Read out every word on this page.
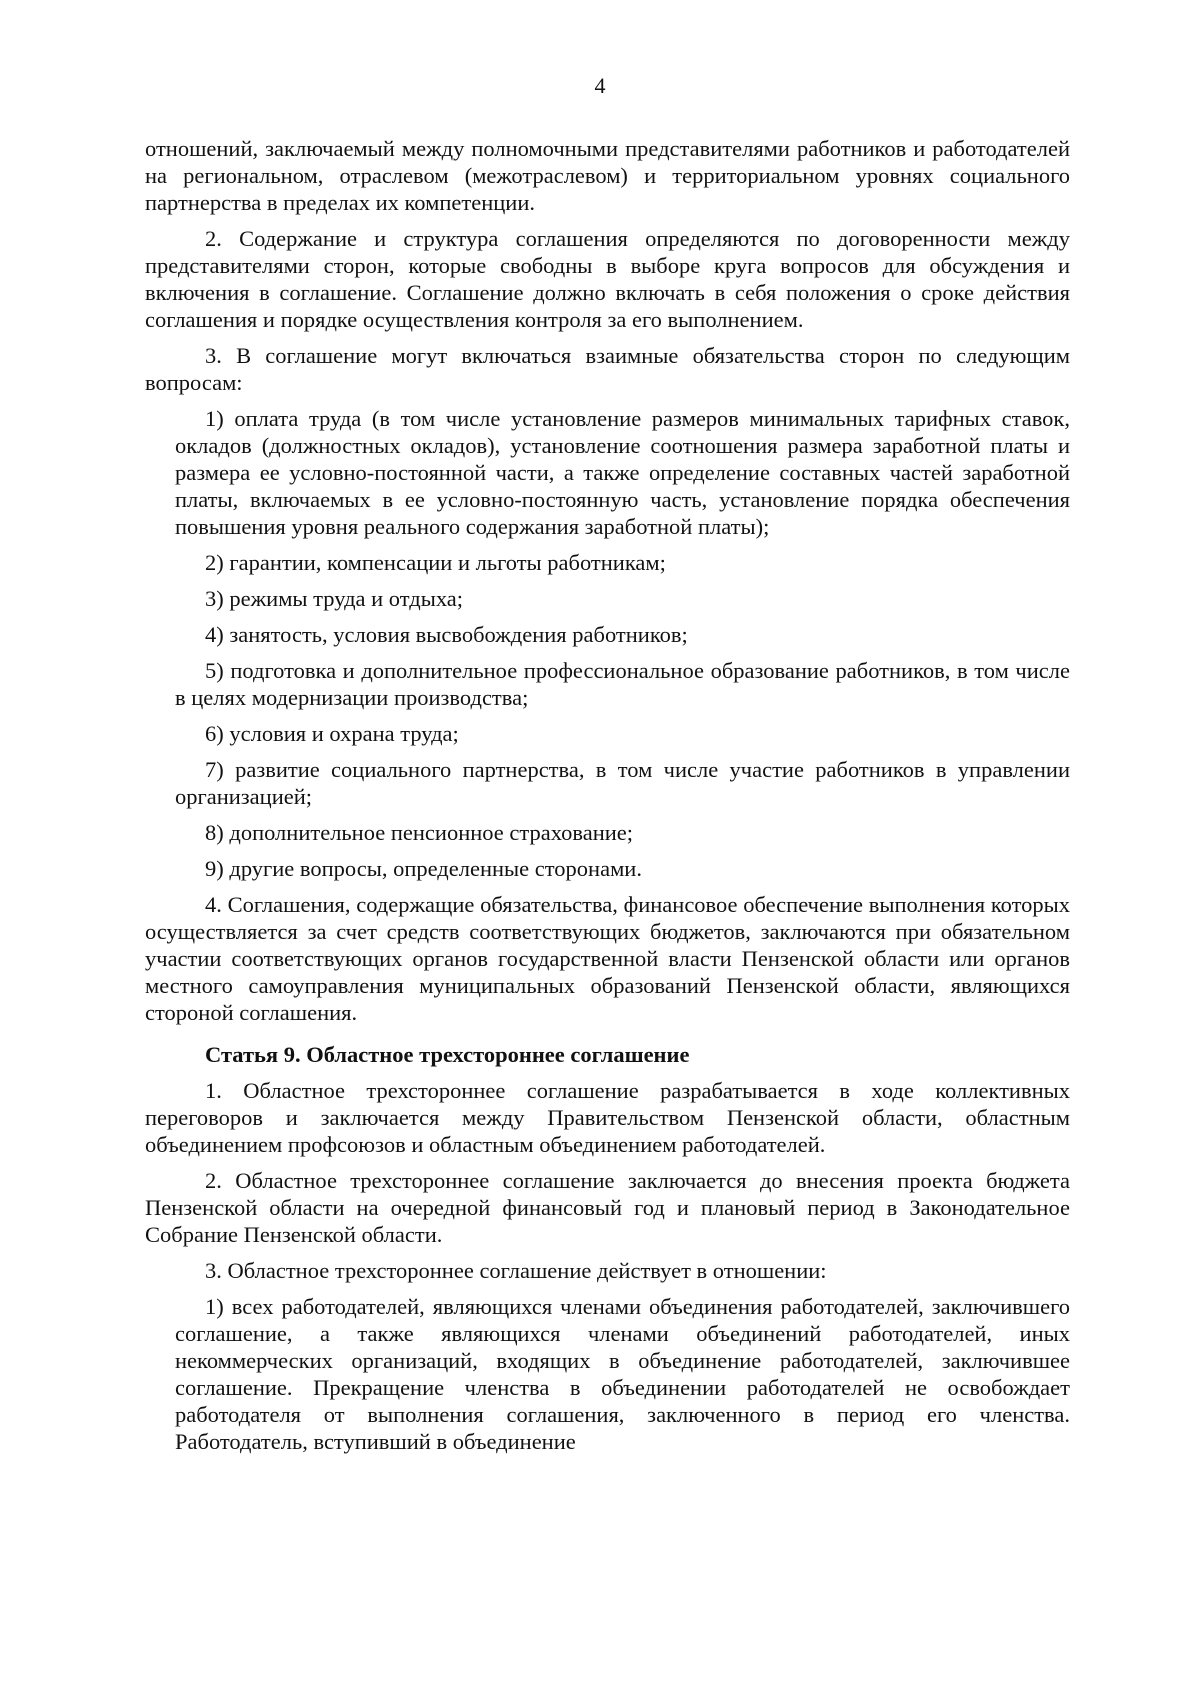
4

отношений, заключаемый между полномочными представителями работников и работодателей на региональном, отраслевом (межотраслевом) и территориальном уровнях социального партнерства в пределах их компетенции.

2. Содержание и структура соглашения определяются по договоренности между представителями сторон, которые свободны в выборе круга вопросов для обсуждения и включения в соглашение. Соглашение должно включать в себя положения о сроке действия соглашения и порядке осуществления контроля за его выполнением.

3. В соглашение могут включаться взаимные обязательства сторон по следующим вопросам:

1) оплата труда (в том числе установление размеров минимальных тарифных ставок, окладов (должностных окладов), установление соотношения размера заработной платы и размера ее условно-постоянной части, а также определение составных частей заработной платы, включаемых в ее условно-постоянную часть, установление порядка обеспечения повышения уровня реального содержания заработной платы);

2) гарантии, компенсации и льготы работникам;

3) режимы труда и отдыха;

4) занятость, условия высвобождения работников;

5) подготовка и дополнительное профессиональное образование работников, в том числе в целях модернизации производства;

6) условия и охрана труда;

7) развитие социального партнерства, в том числе участие работников в управлении организацией;

8) дополнительное пенсионное страхование;

9) другие вопросы, определенные сторонами.

4. Соглашения, содержащие обязательства, финансовое обеспечение выполнения которых осуществляется за счет средств соответствующих бюджетов, заключаются при обязательном участии соответствующих органов государственной власти Пензенской области или органов местного самоуправления муниципальных образований Пензенской области, являющихся стороной соглашения.

Статья 9. Областное трехстороннее соглашение

1. Областное трехстороннее соглашение разрабатывается в ходе коллективных переговоров и заключается между Правительством Пензенской области, областным объединением профсоюзов и областным объединением работодателей.

2. Областное трехстороннее соглашение заключается до внесения проекта бюджета Пензенской области на очередной финансовый год и плановый период в Законодательное Собрание Пензенской области.

3. Областное трехстороннее соглашение действует в отношении:

1) всех работодателей, являющихся членами объединения работодателей, заключившего соглашение, а также являющихся членами объединений работодателей, иных некоммерческих организаций, входящих в объединение работодателей, заключившее соглашение. Прекращение членства в объединении работодателей не освобождает работодателя от выполнения соглашения, заключенного в период его членства. Работодатель, вступивший в объединение
